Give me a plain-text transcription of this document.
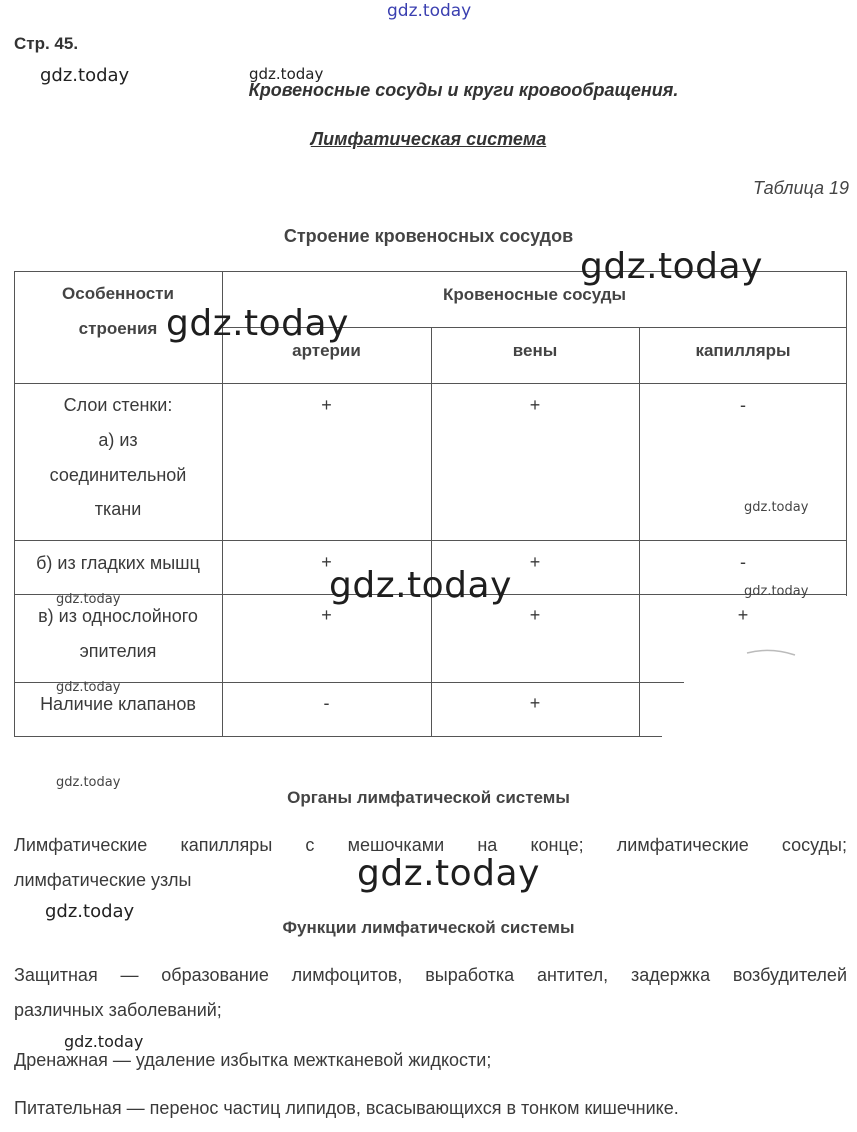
Стр. 45.
Кровеносные сосуды и круги кровообращения.
Лимфатическая система
Таблица 19
Строение кровеносных сосудов
Особенности
строения
Кровеносные сосуды
артерии	вены	капилляры
Слои стенки:
а) из
соединительной
ткани
+	+	-
б) из гладких мышц	+	+	-
в) из однослойного
эпителия
+	+	+
Наличие клапанов	-	+
Органы лимфатической системы
Лимфатические капилляры с мешочками на конце; лимфатические сосуды;
лимфатические узлы
Функции лимфатической системы
Защитная — образование лимфоцитов, выработка антител, задержка возбудителей
различных заболеваний;
Дренажная — удаление избытка межтканевой жидкости;
Питательная — перенос частиц липидов, всасывающихся в тонком кишечнике.
gdz.today
gdz.today	gdz.today
gdz.today
gdz.today
gdz.today
gdz.today
gdz.today
gdz.today
gdz.today
gdz.today
gdz.today
gdz.today
gdz.today
